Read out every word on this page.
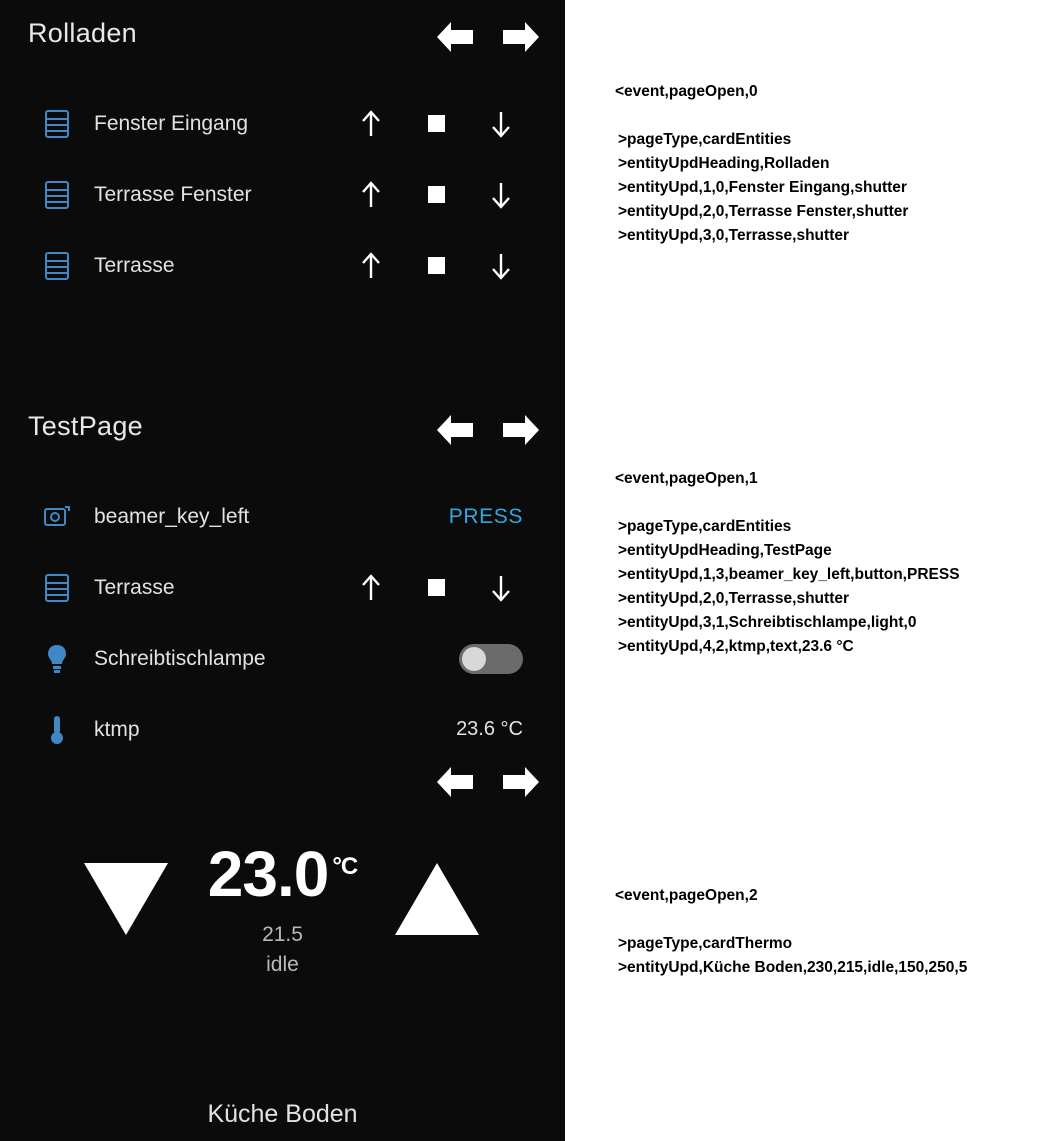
Rolladen
Fenster Eingang
Terrasse Fenster
Terrasse
TestPage
beamer_key_left	PRESS
Terrasse
Schreibtischlampe
ktmp	23.6 °C
23.0 $^{^\circ C}$
21.5
idle
Küche Boden
<event,pageOpen,0
>pageType,cardEntities
>entityUpdHeading,Rolladen
>entityUpd,1,0,Fenster Eingang,shutter
>entityUpd,2,0,Terrasse Fenster,shutter
>entityUpd,3,0,Terrasse,shutter
<event,pageOpen,1
>pageType,cardEntities
>entityUpdHeading,TestPage
>entityUpd,1,3,beamer_key_left,button,PRESS
>entityUpd,2,0,Terrasse,shutter
>entityUpd,3,1,Schreibtischlampe,light,0
>entityUpd,4,2,ktmp,text,23.6 °C
<event,pageOpen,2
>pageType,cardThermo
>entityUpd,Küche Boden,230,215,idle,150,250,5
